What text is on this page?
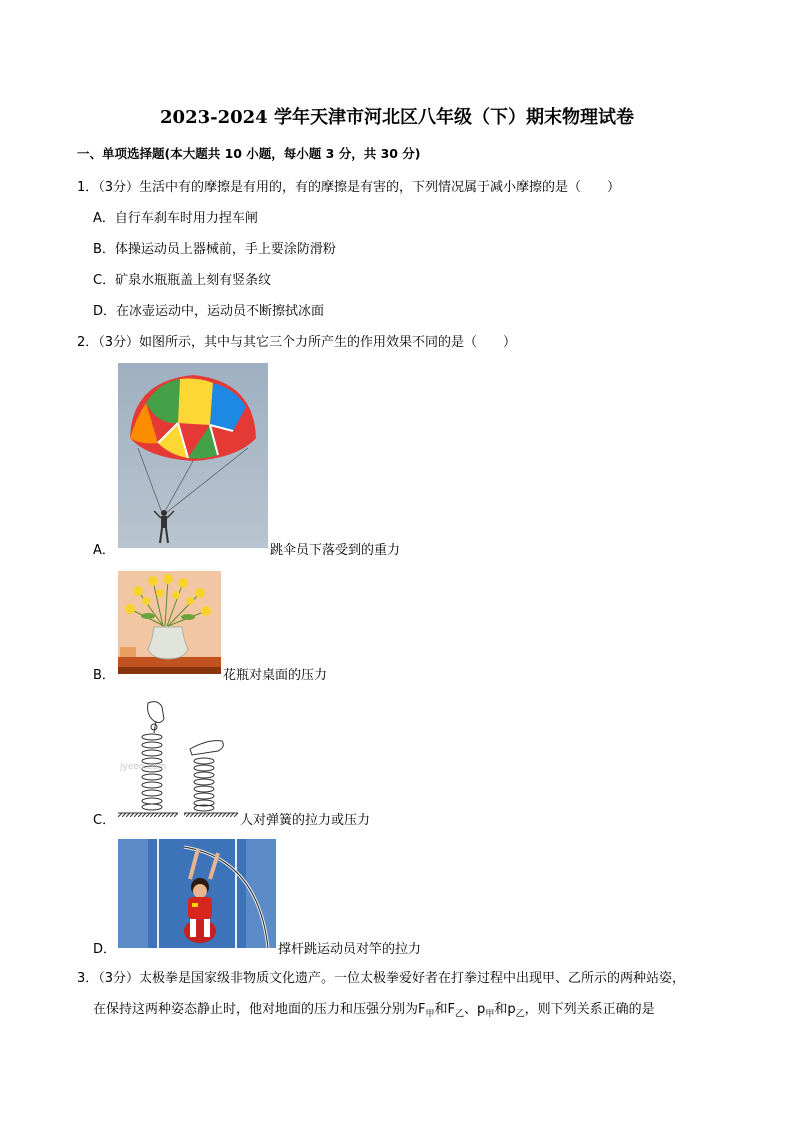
2023-2024 学年天津市河北区八年级（下）期末物理试卷
一、单项选择题(本大题共 10 小题，每小题 3 分，共 30 分)
1．（3分）生活中有的摩擦是有用的，有的摩擦是有害的，下列情况属于减小摩擦的是（　　）
A．自行车刹车时用力捏车闸
B．体操运动员上器械前，手上要涂防滑粉
C．矿泉水瓶瓶盖上刻有竖条纹
D．在冰壶运动中，运动员不断擦拭冰面
2．（3分）如图所示，其中与其它三个力所产生的作用效果不同的是（　　）
A．	跳伞员下落受到的重力
B．	花瓶对桌面的压力
jyeoo.com
C．	人对弹簧的拉力或压力
D．	撑杆跳运动员对竿的拉力
3．（3分）太极拳是国家级非物质文化遗产。一位太极拳爱好者在打拳过程中出现甲、乙所示的两种站姿，
在保持这两种姿态静止时，他对地面的压力和压强分别为$F_甲$和$F_乙$、$p_甲$和$p_乙$，则下列关系正确的是
